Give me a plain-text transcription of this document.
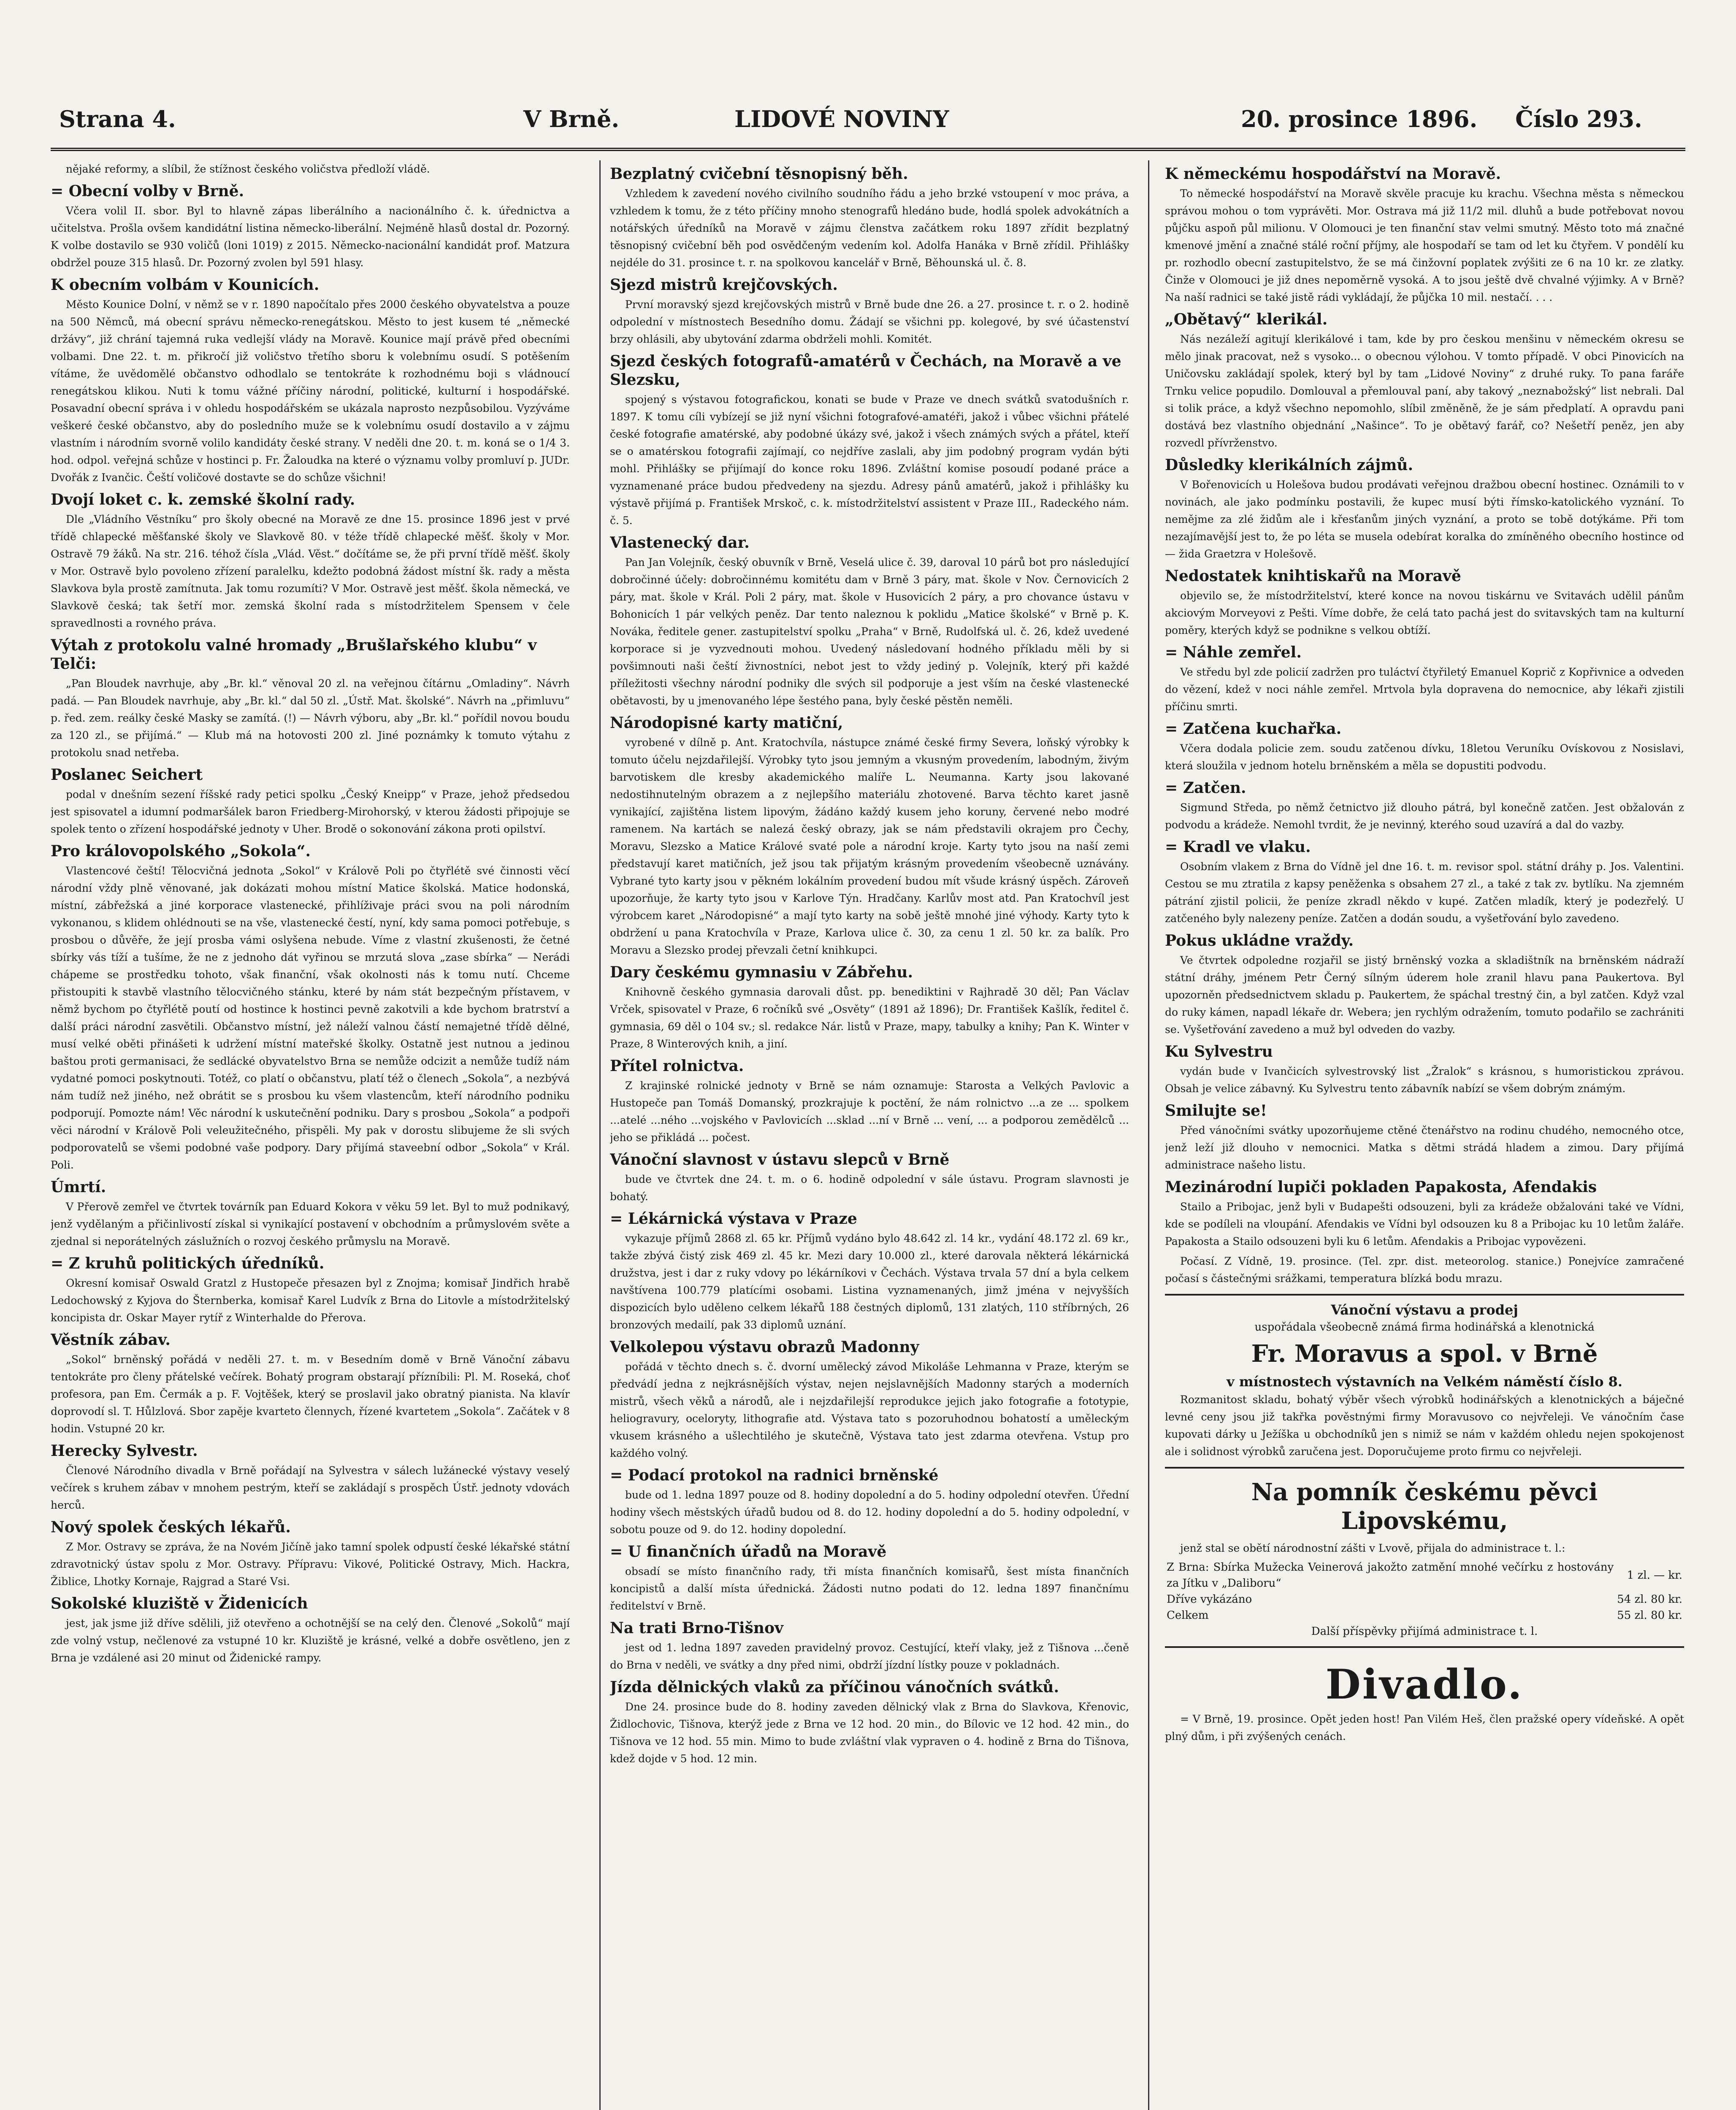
Strana 4.	V Brně.	LIDOVÉ NOVINY	20. prosince 1896. Číslo 293.

nějaké reformy, a slíbil, že stížnost českého voličstva předloží vládě.

= Obecní volby v Brně.

Včera volil II. sbor. Byl to hlavně zápas liberálního a nacionálního č. k. úřednictva a učitelstva. Prošla ovšem kandidátní listina německo-liberální. Nejméně hlasů dostal dr. Pozorný. K volbe dostavilo se 930 voličů (loni 1019) z 2015. Německo-nacionální kandidát prof. Matzura obdržel pouze 315 hlasů. Dr. Pozorný zvolen byl 591 hlasy.

K obecním volbám v Kounicích.

Město Kounice Dolní, v němž se v r. 1890 napočítalo přes 2000 českého obyvatelstva a pouze na 500 Němců, má obecní správu německo-renegátskou. Město to jest kusem té „německé držávy“, již chrání tajemná ruka vedlejší vlády na Moravě. Kounice mají právě před obecními volbami. Dne 22. t. m. přikročí již voličstvo třetího sboru k volebnímu osudí. S potěšením vítáme, že uvědomělé občanstvo odhodlalo se tentokráte k rozhodnému boji s vládnoucí renegátskou klikou. Nuti k tomu vážné příčiny národní, politické, kulturní i hospodářské. Posavadní obecní správa i v ohledu hospodářském se ukázala naprosto nezpůsobilou. Vyzýváme veškeré české občanstvo, aby do posledního muže se k volebnímu osudí dostavilo a v zájmu vlastním i národním svorně volilo kandidáty české strany. V neděli dne 20. t. m. koná se o 1/4 3. hod. odpol. veřejná schůze v hostinci p. Fr. Žaloudka na které o významu volby promluví p. JUDr. Dvořák z Ivančic. Čeští voličové dostavte se do schůze všichni!

Dvojí loket c. k. zemské školní rady.

Dle „Vládního Věstníku“ pro školy obecné na Moravě ze dne 15. prosince 1896 jest v prvé třídě chlapecké měšťanské školy ve Slavkově 80. v téže třídě chlapecké měšť. školy v Mor. Ostravě 79 žáků. Na str. 216. téhož čísla „Vlád. Věst.“ dočítáme se, že při první třídě měšť. školy v Mor. Ostravě bylo povoleno zřízení paralelku, kdežto podobná žádost místní šk. rady a města Slavkova byla prostě zamítnuta. Jak tomu rozumíti? V Mor. Ostravě jest měšť. škola německá, ve Slavkově česká; tak šetří mor. zemská školní rada s místodržitelem Spensem v čele spravedlnosti a rovného práva.

Výtah z protokolu valné hromady „Brušlařského klubu“ v Telči:

„Pan Bloudek navrhuje, aby „Br. kl.“ věnoval 20 zl. na veřejnou čítárnu „Omladiny“. Návrh padá. — Pan Bloudek navrhuje, aby „Br. kl.“ dal 50 zl. „Ústř. Mat. školské“. Návrh na „přimluvu“ p. řed. zem. reálky české Masky se zamítá. (!) — Návrh výboru, aby „Br. kl.“ pořídil novou boudu za 120 zl., se přijímá.“ — Klub má na hotovosti 200 zl. Jiné poznámky k tomuto výtahu z protokolu snad netřeba.

Poslanec Seichert

podal v dnešním sezení říšské rady petici spolku „Český Kneipp“ v Praze, jehož předsedou jest spisovatel a idumní podmaršálek baron Friedberg-Mirohorský, v kterou žádosti připojuje se spolek tento o zřízení hospodářské jednoty v Uher. Brodě o sokonování zákona proti opilství.

Pro královopolského „Sokola“.

Vlastencové čeští! Tělocvičná jednota „Sokol“ v Králově Poli po čtyřlétě své činnosti věcí národní vždy plně věnované, jak dokázati mohou místní Matice školská. Matice hodonská, místní, zábřežská a jiné korporace vlastenecké, přihlíživaje práci svou na poli národním vykonanou, s klidem ohlédnouti se na vše, vlastenecké čestí, nyní, kdy sama pomoci potřebuje, s prosbou o důvěře, že její prosba vámi oslyšena nebude. Víme z vlastní zkušenosti, že četné sbírky vás tíží a tušíme, že ne z jednoho dát vyřinou se mrzutá slova „zase sbírka“ — Nerádi chápeme se prostředku tohoto, však finanční, však okolnosti nás k tomu nutí. Chceme přistoupiti k stavbě vlastního tělocvičného stánku, které by nám stát bezpečným přístavem, v němž bychom po čtyřlétě poutí od hostince k hostinci pevně zakotvili a kde bychom bratrství a další práci národní zasvětili. Občanstvo místní, jež náleží valnou částí nemajetné třídě dělné, musí velké oběti přinášeti k udržení místní mateřské školky. Ostatně jest nutnou a jedinou baštou proti germanisaci, že sedlácké obyvatelstvo Brna se nemůže odcizit a nemůže tudíž nám vydatné pomoci poskytnouti. Totéž, co platí o občanstvu, platí též o členech „Sokola“, a nezbývá nám tudíž než jiného, než obrátit se s prosbou ku všem vlastencům, kteří národního podniku podporují. Pomozte nám! Věc národní k uskutečnění podniku. Dary s prosbou „Sokola“ a podpoři věci národní v Králově Poli veleužitečného, přispěli. My pak v dorostu slibujeme že sli svých podporovatelů se všemi podobné vaše podpory. Dary přijímá staveební odbor „Sokola“ v Král. Poli.

Úmrtí.

V Přerově zemřel ve čtvrtek továrník pan Eduard Kokora v věku 59 let. Byl to muž podnikavý, jenž vydělaným a přičinlivostí získal si vynikající postavení v obchodním a průmyslovém světe a zjednal si neporátelných záslužních o rozvoj českého průmyslu na Moravě.

= Z kruhů politických úředníků.

Okresní komisař Oswald Gratzl z Hustopeče přesazen byl z Znojma; komisař Jindřich hrabě Ledochowský z Kyjova do Šternberka, komisař Karel Ludvík z Brna do Litovle a místodržitelský koncipista dr. Oskar Mayer rytíř z Winterhalde do Přerova.

Věstník zábav.

„Sokol“ brněnský pořádá v neděli 27. t. m. v Besedním domě v Brně Vánoční zábavu tentokráte pro členy přátelské večírek. Bohatý program obstarají přízníbili: Pl. M. Roseká, choť profesora, pan Em. Čermák a p. F. Vojtěšek, který se proslavil jako obratný pianista. Na klavír doprovodí sl. T. Hůlzlová. Sbor zapěje kvarteto člennych, řízené kvartetem „Sokola“. Začátek v 8 hodin. Vstupné 20 kr.

Herecky Sylvestr.

Členové Národního divadla v Brně pořádají na Sylvestra v sálech lužánecké výstavy veselý večírek s kruhem zábav v mnohem pestrým, kteří se zakládají s prospěch Ústř. jednoty vdovách herců.

Nový spolek českých lékařů.

Z Mor. Ostravy se zpráva, že na Novém Jičíně jako tamní spolek odpustí české lékařské státní zdravotnický ústav spolu z Mor. Ostravy. Přípravu: Vikové, Politické Ostravy, Mich. Hackra, Žiblice, Lhotky Kornaje, Rajgrad a Staré Vsi.

Sokolské kluziště v Židenicích

jest, jak jsme již dříve sdělili, již otevřeno a ochotnější se na celý den. Členové „Sokolů“ mají zde volný vstup, nečlenové za vstupné 10 kr. Kluziště je krásné, velké a dobře osvětleno, jen z Brna je vzdálené asi 20 minut od Židenické rampy.

Bezplatný cvičební těsnopisný běh.

Vzhledem k zavedení nového civilního soudního řádu a jeho brzké vstoupení v moc práva, a vzhledem k tomu, že z této příčiny mnoho stenografů hledáno bude, hodlá spolek advokátních a notářských úředníků na Moravě v zájmu členstva začátkem roku 1897 zřídit bezplatný těsnopisný cvičební běh pod osvědčeným vedením kol. Adolfa Hanáka v Brně zřídil. Přihlášky nejdéle do 31. prosince t. r. na spolkovou kancelář v Brně, Běhounská ul. č. 8.

Sjezd mistrů krejčovských.

První moravský sjezd krejčovských mistrů v Brně bude dne 26. a 27. prosince t. r. o 2. hodině odpolední v místnostech Besedního domu. Žádají se všichni pp. kolegové, by své účastenství brzy ohlásili, aby ubytování zdarma obdrželi mohli. Komitét.

Sjezd českých fotografů-amatérů v Čechách, na Moravě a ve Slezsku,

spojený s výstavou fotografickou, konati se bude v Praze ve dnech svátků svatodušních r. 1897. K tomu cíli vybízejí se již nyní všichni fotografové-amatéři, jakož i vůbec všichni přátelé české fotografie amatérské, aby podobné úkázy své, jakož i všech známých svých a přátel, kteří se o amatérskou fotografii zajímají, co nejdříve zaslali, aby jim podobný program vydán býti mohl. Přihlášky se přijímají do konce roku 1896. Zvláštní komise posoudí podané práce a vyznamenané práce budou předvedeny na sjezdu. Adresy pánů amatérů, jakož i přihlášky ku výstavě přijímá p. František Mrskoč, c. k. místodržitelství assistent v Praze III., Radeckého nám. č. 5.

Vlastenecký dar.

Pan Jan Volejník, český obuvník v Brně, Veselá ulice č. 39, daroval 10 párů bot pro následující dobročinné účely: dobročinnému komitétu dam v Brně 3 páry, mat. škole v Nov. Černovicích 2 páry, mat. škole v Král. Poli 2 páry, mat. škole v Husovicích 2 páry, a pro chovance ústavu v Bohonicích 1 pár velkých peněz. Dar tento naleznou k poklidu „Matice školské“ v Brně p. K. Nováka, ředitele gener. zastupitelství spolku „Praha“ v Brně, Rudolfská ul. č. 26, kdež uvedené korporace si je vyzvednouti mohou. Uvedený následovaní hodného příkladu měli by si povšimnouti naši čeští živnostníci, nebot jest to vždy jediný p. Volejník, který při každé příležitosti všechny národní podniky dle svých sil podporuje a jest vším na české vlastenecké obětavosti, by u jmenovaného lépe šestého pana, byly české pěstěn neměli.

Národopisné karty matiční,

vyrobené v dílně p. Ant. Kratochvíla, nástupce známé české firmy Severa, loňský výrobky k tomuto účelu nejzdařilejší. Výrobky tyto jsou jemným a vkusným provedením, labodným, živým barvotiskem dle kresby akademického malíře L. Neumanna. Karty jsou lakované nedostihnutelným obrazem a z nejlepšího materiálu zhotovené. Barva těchto karet jasně vynikající, zajištěna listem lipovým, žádáno každý kusem jeho koruny, červené nebo modré ramenem. Na kartách se nalezá český obrazy, jak se nám představili okrajem pro Čechy, Moravu, Slezsko a Matice Králové svaté pole a národní kroje. Karty tyto jsou na naší zemi představují karet matičních, jež jsou tak přijatým krásným provedením všeobecně uznávány. Vybrané tyto karty jsou v pěkném lokálním provedení budou mít všude krásný úspěch. Zároveň upozorňuje, že karty tyto jsou v Karlove Týn. Hradčany. Karlův most atd. Pan Kratochvíl jest výrobcem karet „Národopisné“ a mají tyto karty na sobě ještě mnohé jiné výhody. Karty tyto k obdržení u pana Kratochvíla v Praze, Karlova ulice č. 30, za cenu 1 zl. 50 kr. za balík. Pro Moravu a Slezsko prodej převzali četní knihkupci.

Dary českému gymnasiu v Zábřehu.

Knihovně českého gymnasia darovali důst. pp. benediktini v Rajhradě 30 děl; Pan Václav Vrček, spisovatel v Praze, 6 ročníků své „Osvěty“ (1891 až 1896); Dr. František Kašlík, ředitel č. gymnasia, 69 děl o 104 sv.; sl. redakce Nár. listů v Praze, mapy, tabulky a knihy; Pan K. Winter v Praze, 8 Winterových knih, a jiní.

Přítel rolnictva.

Z krajinské rolnické jednoty v Brně se nám oznamuje: Starosta a Velkých Pavlovic a Hustopeče pan Tomáš Domanský, prozkrajuje k poctění, že nám rolnictvo ...a ze ... spolkem ...atelé ...ného ...vojského v Pavlovicích ...sklad ...ní v Brně ... vení, ... a podporou zemědělců ... jeho se přikládá ... počest.

Vánoční slavnost v ústavu slepců v Brně

bude ve čtvrtek dne 24. t. m. o 6. hodině odpolední v sále ústavu. Program slavnosti je bohatý.

= Lékárnická výstava v Praze

vykazuje příjmů 2868 zl. 65 kr. Příjmů vydáno bylo 48.642 zl. 14 kr., vydání 48.172 zl. 69 kr., takže zbývá čistý zisk 469 zl. 45 kr. Mezi dary 10.000 zl., které darovala některá lékárnická družstva, jest i dar z ruky vdovy po lékárníkovi v Čechách. Výstava trvala 57 dní a byla celkem navštívena 100.779 platícími osobami. Listina vyznamenaných, jimž jména v nejvyšších dispozicích bylo uděleno celkem lékařů 188 čestných diplomů, 131 zlatých, 110 stříbrných, 26 bronzových medailí, pak 33 diplomů uznání.

Velkolepou výstavu obrazů Madonny

pořádá v těchto dnech s. č. dvorní umělecký závod Mikoláše Lehmanna v Praze, kterým se předvádí jedna z nejkrásnějších výstav, nejen nejslavnějších Madonny starých a moderních mistrů, všech věků a národů, ale i nejzdařilejší reprodukce jejich jako fotografie a fototypie, heliogravury, oceloryty, lithografie atd. Výstava tato s pozoruhodnou bohatostí a uměleckým vkusem krásného a ušlechtilého je skutečně, Výstava tato jest zdarma otevřena. Vstup pro každého volný.

= Podací protokol na radnici brněnské

bude od 1. ledna 1897 pouze od 8. hodiny dopolední a do 5. hodiny odpolední otevřen. Úřední hodiny všech městských úřadů budou od 8. do 12. hodiny dopolední a do 5. hodiny odpolední, v sobotu pouze od 9. do 12. hodiny dopolední.

= U finančních úřadů na Moravě

obsadí se místo finančního rady, tři místa finančních komisařů, šest místa finančních koncipistů a další místa úřednická. Žádosti nutno podati do 12. ledna 1897 finančnímu ředitelství v Brně.

Na trati Brno-Tišnov

jest od 1. ledna 1897 zaveden pravidelný provoz. Cestující, kteří vlaky, jež z Tišnova ...čeně do Brna v neděli, ve svátky a dny před nimi, obdrží jízdní lístky pouze v pokladnách.

Jízda dělnických vlaků za příčinou vánočních svátků.

Dne 24. prosince bude do 8. hodiny zaveden dělnický vlak z Brna do Slavkova, Křenovic, Židlochovic, Tišnova, kterýž jede z Brna ve 12 hod. 20 min., do Bílovic ve 12 hod. 42 min., do Tišnova ve 12 hod. 55 min. Mimo to bude zvláštní vlak vypraven o 4. hodině z Brna do Tišnova, kdež dojde v 5 hod. 12 min.

K německému hospodářství na Moravě.

To německé hospodářství na Moravě skvěle pracuje ku krachu. Všechna města s německou správou mohou o tom vyprávěti. Mor. Ostrava má již 11/2 mil. dluhů a bude potřebovat novou půjčku aspoň půl milionu. V Olomouci je ten finanční stav velmi smutný. Město toto má značné kmenové jmění a značné stálé roční příjmy, ale hospodaří se tam od let ku čtyřem. V pondělí ku pr. rozhodlo obecní zastupitelstvo, že se má činžovní poplatek zvýšiti ze 6 na 10 kr. ze zlatky. Činže v Olomouci je již dnes nepoměrně vysoká. A to jsou ještě dvě chvalné výjimky. A v Brně? Na naší radnici se také jistě rádi vykládají, že půjčka 10 mil. nestačí. . . .

„Obětavý“ klerikál.

Nás nezáleží agitují klerikálové i tam, kde by pro českou menšinu v německém okresu se mělo jinak pracovat, než s vysoko... o obecnou výlohou. V tomto případě. V obci Pinovicích na Uničovsku zakládají spolek, který byl by tam „Lidové Noviny“ z druhé ruky. To pana faráře Trnku velice popudilo. Domlouval a přemlouval paní, aby takový „neznabožský“ list nebrali. Dal si tolik práce, a když všechno nepomohlo, slíbil změněně, že je sám předplatí. A opravdu pani dostává bez vlastního objednání „Našince“. To je obětavý farář, co? Nešetří peněz, jen aby rozvedl přívrženstvo.

Důsledky klerikálních zájmů.

V Bořenovicích u Holešova budou prodávati veřejnou dražbou obecní hostinec. Oznámili to v novinách, ale jako podmínku postavili, že kupec musí býti římsko-katolického vyznání. To nemějme za zlé židům ale i křesťanům jiných vyznání, a proto se tobě dotýkáme. Při tom nezajímavější jest to, že po léta se musela odebírat koralka do zmíněného obecního hostince od — žida Graetzra v Holešově.

Nedostatek knihtiskařů na Moravě

objevilo se, že místodržitelství, které konce na novou tiskárnu ve Svitavách udělil pánům akciovým Morveyovi z Pešti. Víme dobře, že celá tato pachá jest do svitavských tam na kulturní poměry, kterých když se podnikne s velkou obtíží.

= Náhle zemřel.

Ve středu byl zde policií zadržen pro tuláctví čtyřiletý Emanuel Koprič z Kopřivnice a odveden do vězení, kdež v noci náhle zemřel. Mrtvola byla dopravena do nemocnice, aby lékaři zjistili příčinu smrti.

= Zatčena kuchařka.

Včera dodala policie zem. soudu zatčenou dívku, 18letou Veruníku Ovískovou z Nosislavi, která sloužila v jednom hotelu brněnském a měla se dopustiti podvodu.

= Zatčen.

Sigmund Středa, po němž četnictvo již dlouho pátrá, byl konečně zatčen. Jest obžalován z podvodu a krádeže. Nemohl tvrdit, že je nevinný, kterého soud uzavírá a dal do vazby.

= Kradl ve vlaku.

Osobním vlakem z Brna do Vídně jel dne 16. t. m. revisor spol. státní dráhy p. Jos. Valentini. Cestou se mu ztratila z kapsy peněženka s obsahem 27 zl., a také z tak zv. bytlíku. Na zjemném pátrání zjistil policii, že peníze zkradl někdo v kupé. Zatčen mladík, který je podezřelý. U zatčeného byly nalezeny peníze. Zatčen a dodán soudu, a vyšetřování bylo zavedeno.

Pokus ukládne vraždy.

Ve čtvrtek odpoledne rozjařil se jistý brněnský vozka a skladištník na brněnském nádraží státní dráhy, jménem Petr Černý sílným úderem hole zranil hlavu pana Paukertova. Byl upozorněn předsednictvem skladu p. Paukertem, že spáchal trestný čin, a byl zatčen. Když vzal do ruky kámen, napadl lékaře dr. Webera; jen rychlým odražením, tomuto podařilo se zachrániti se. Vyšetřování zavedeno a muž byl odveden do vazby.

Ku Sylvestru

vydán bude v Ivančicích sylvestrovský list „Žralok“ s krásnou, s humoristickou zprávou. Obsah je velice zábavný. Ku Sylvestru tento zábavník nabízí se všem dobrým známým.

Smilujte se!

Před vánočními svátky upozorňujeme ctěné čtenářstvo na rodinu chudého, nemocného otce, jenž leží již dlouho v nemocnici. Matka s dětmi strádá hladem a zimou. Dary přijímá administrace našeho listu.

Mezinárodní lupiči pokladen Papakosta, Afendakis

Stailo a Pribojac, jenž byli v Budapešti odsouzeni, byli za krádeže obžalováni také ve Vídni, kde se podíleli na vloupání. Afendakis ve Vídni byl odsouzen ku 8 a Pribojac ku 10 letům žaláře. Papakosta a Stailo odsouzeni byli ku 6 letům. Afendakis a Pribojac vypovězeni.

Počasí. Z Vídně, 19. prosince. (Tel. zpr. dist. meteorolog. stanice.) Ponejvíce zamračené počasí s částečnými srážkami, temperatura blízká bodu mrazu.

Vánoční výstavu a prodej
uspořádala všeobecně známá firma hodinářská a klenotnická
Fr. Moravus a spol. v Brně
v místnostech výstavních na Velkém náměstí číslo 8.

Rozmanitost skladu, bohatý výběr všech výrobků hodinářských a klenotnických a báječné levné ceny jsou již takřka pověstnými firmy Moravusovo co nejvřeleji. Ve vánočním čase kupovati dárky u Ježíška u obchodníků jen s nimiž se nám v každém ohledu nejen spokojenost ale i solidnost výrobků zaručena jest. Doporučujeme proto firmu co nejvřeleji.

Na pomník českému pěvci Lipovskému,

jenž stal se obětí národnostní zášti v Lvově, přijala do administrace t. l.:

Z Brna: Sbírka Mužecka Veinerová jakožto zatmění mnohé večírku z hostovány za Jítku v „Daliboru“	1 zl. — kr.
Dříve vykázáno	54 zl. 80 kr.
Celkem	55 zl. 80 kr.
Další příspěvky přijímá administrace t. l.
Divadlo.

= V Brně, 19. prosince. Opět jeden host! Pan Vilém Heš, člen pražské opery vídeňské. A opět plný dům, i při zvýšených cenách.
